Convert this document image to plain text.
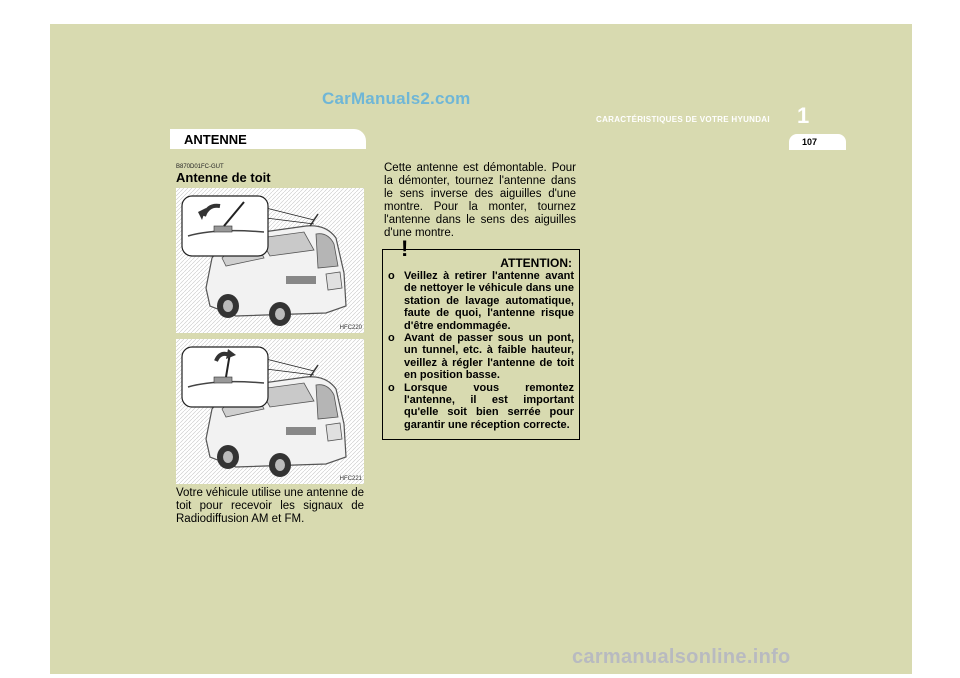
CarManuals2.com
CARACTÉRISTIQUES DE VOTRE HYUNDAI 1
107
ANTENNE
B870D01FC-GUT
Antenne de toit
HFC220
HFC221
Votre véhicule utilise une antenne de toit pour recevoir les signaux de Radiodiffusion AM et FM.
Cette antenne est démontable. Pour la démonter, tournez l'antenne dans le sens inverse des aiguilles d'une montre. Pour la monter, tournez l'antenne dans le sens des aiguilles d'une montre.
!
ATTENTION:
o Veillez à retirer l'antenne avant de nettoyer le véhicule dans une station de lavage automatique, faute de quoi, l'antenne risque d'être endommagée.
o Avant de passer sous un pont, un tunnel, etc. à faible hauteur, veillez à régler l'antenne de toit en position basse.
o Lorsque vous remontez l'antenne, il est important qu'elle soit bien serrée pour garantir une réception correcte.
carmanualsonline.info
